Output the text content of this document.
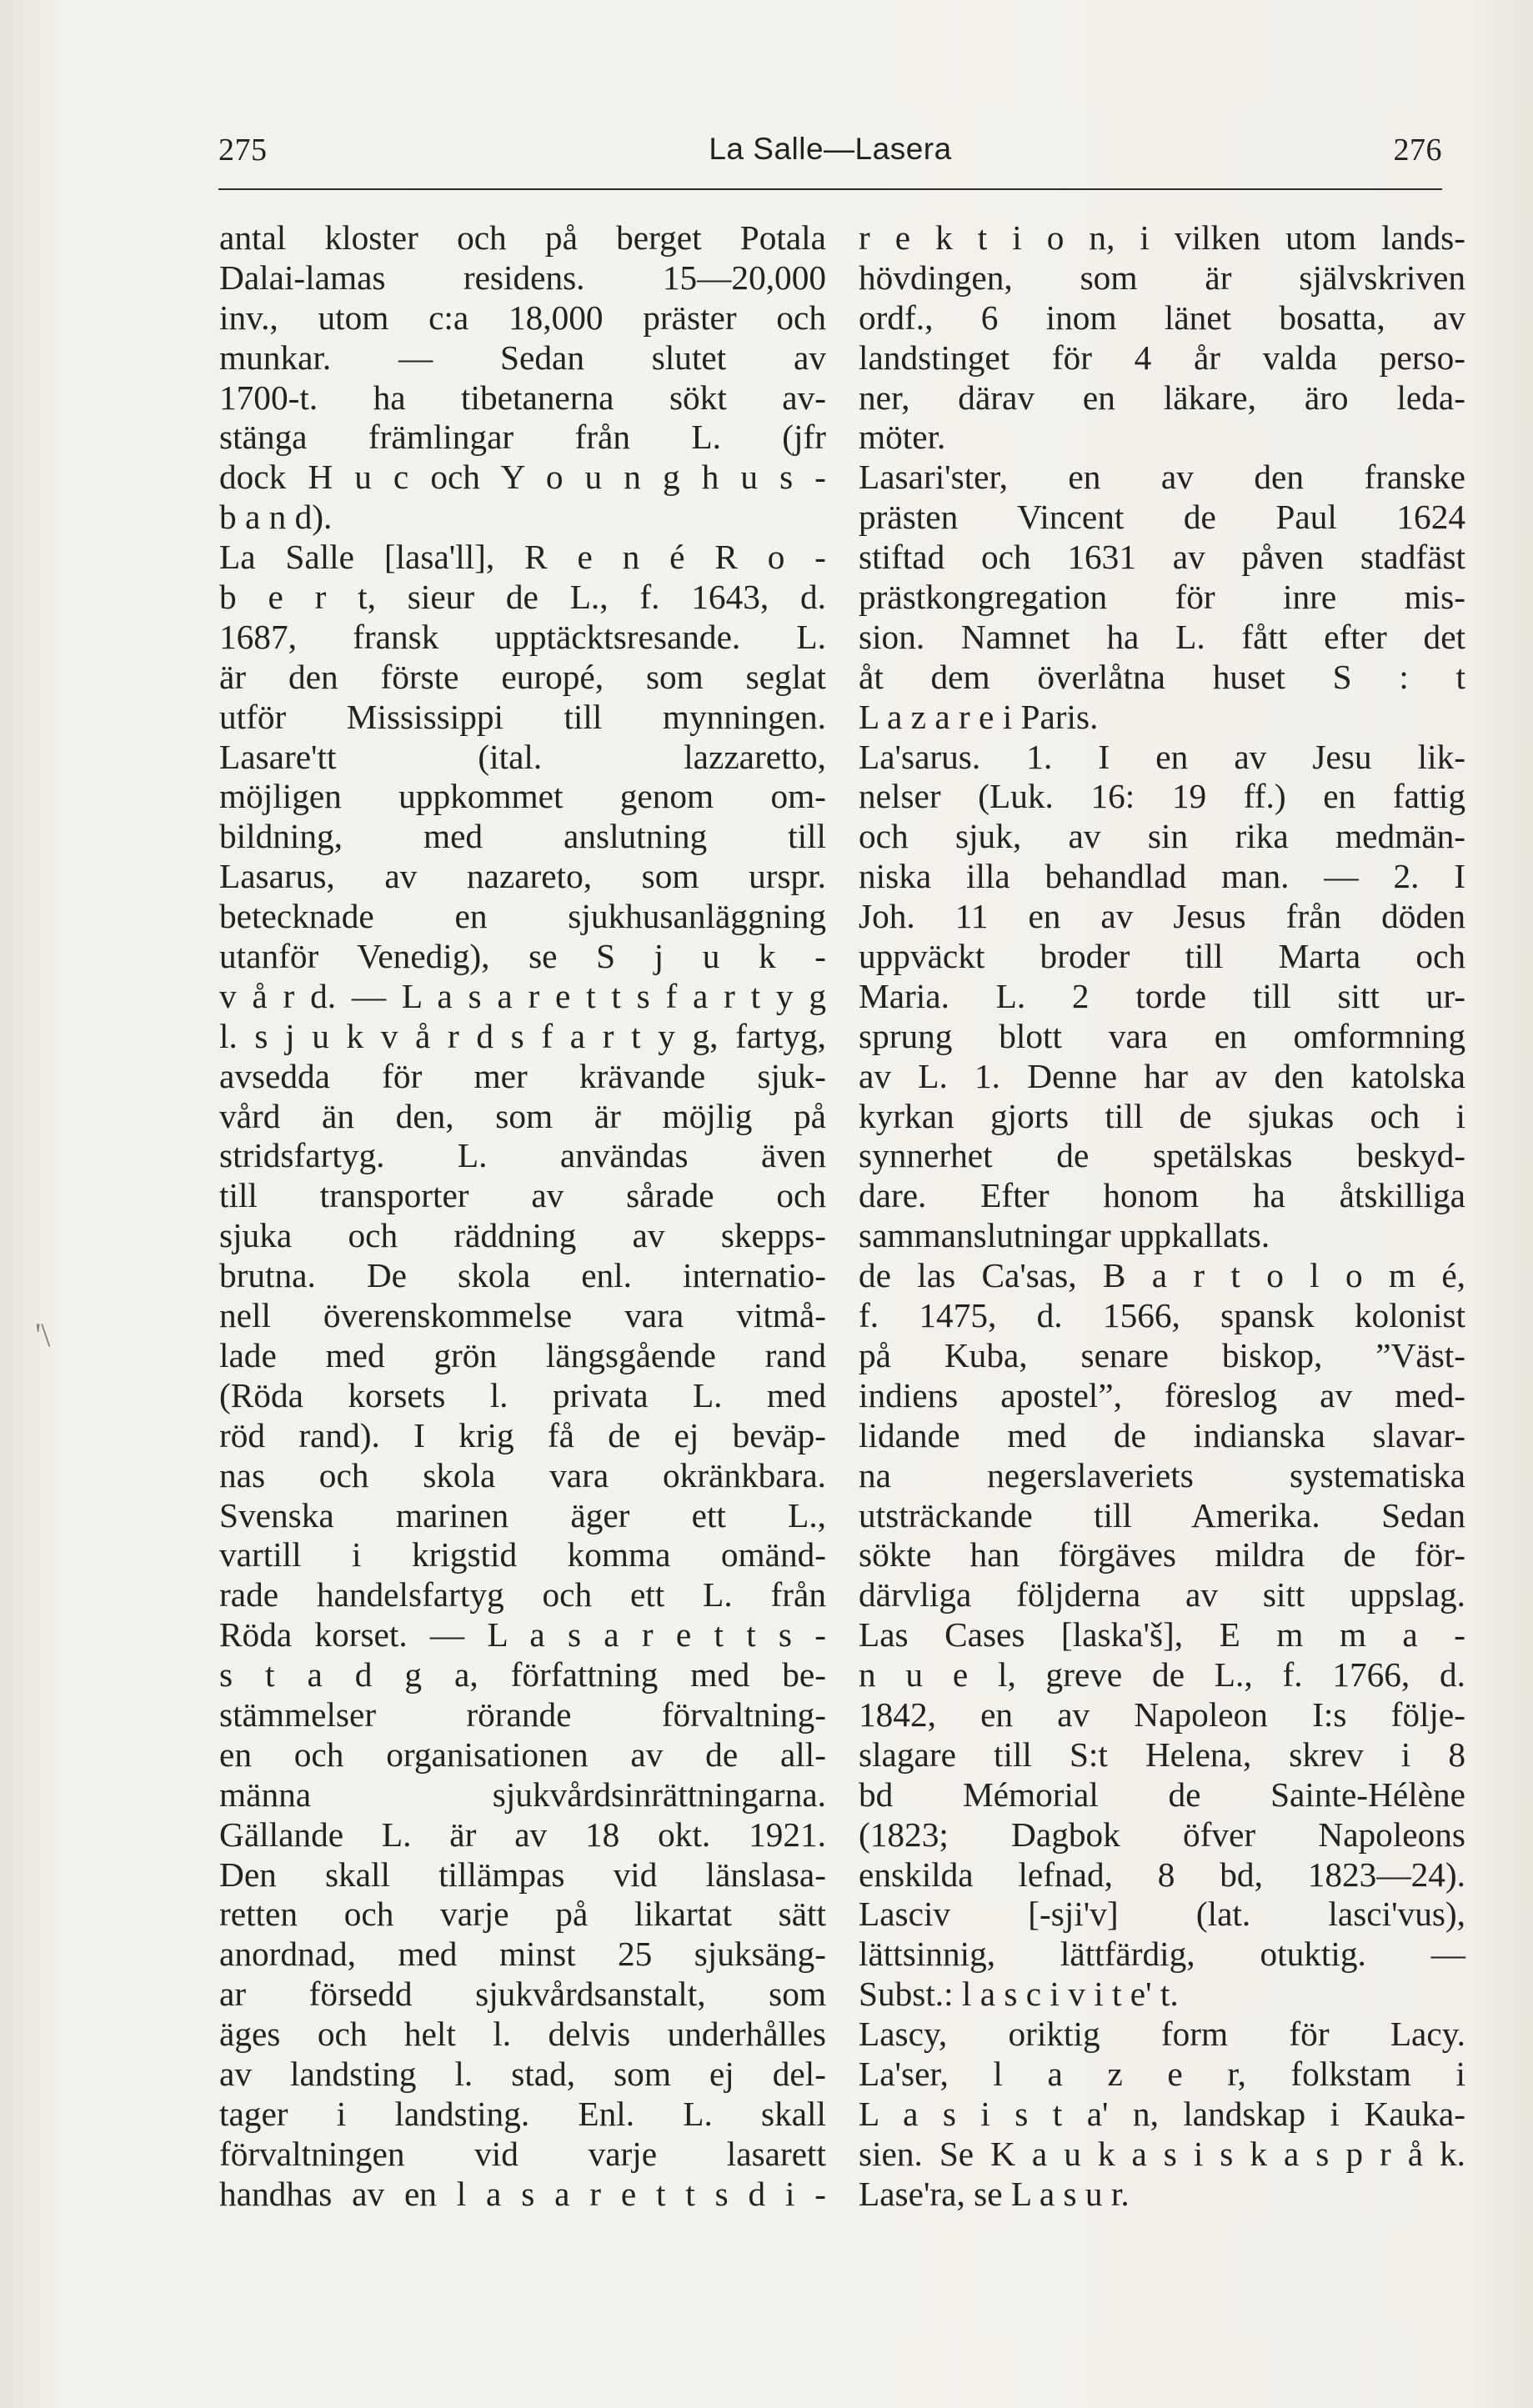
275	La Salle—Lasera	276
'\
antal kloster och på berget Potala
Dalai-lamas residens. 15—20,000
inv., utom c:a 18,000 präster och
munkar. — Sedan slutet av
1700-t. ha tibetanerna sökt av-
stänga främlingar från L. (jfr
dock H u c och Y o u n g h u s -
b a n d).
La Salle [lasa'll], R e n é R o -
b e r t, sieur de L., f. 1643, d.
1687, fransk upptäcktsresande. L.
är den förste europé, som seglat
utför Mississippi till mynningen.
Lasare'tt (ital. lazzaretto,
möjligen uppkommet genom om-
bildning, med anslutning till
Lasarus, av nazareto, som urspr.
betecknade en sjukhusanläggning
utanför Venedig), se S j u k -
v å r d. — L a s a r e t t s f a r t y g
l. s j u k v å r d s f a r t y g, fartyg,
avsedda för mer krävande sjuk-
vård än den, som är möjlig på
stridsfartyg. L. användas även
till transporter av sårade och
sjuka och räddning av skepps-
brutna. De skola enl. internatio-
nell överenskommelse vara vitmå-
lade med grön längsgående rand
(Röda korsets l. privata L. med
röd rand). I krig få de ej beväp-
nas och skola vara okränkbara.
Svenska marinen äger ett L.,
vartill i krigstid komma omänd-
rade handelsfartyg och ett L. från
Röda korset. — L a s a r e t t s -
s t a d g a, författning med be-
stämmelser rörande förvaltning-
en och organisationen av de all-
männa sjukvårdsinrättningarna.
Gällande L. är av 18 okt. 1921.
Den skall tillämpas vid länslasa-
retten och varje på likartat sätt
anordnad, med minst 25 sjuksäng-
ar försedd sjukvårdsanstalt, som
äges och helt l. delvis underhålles
av landsting l. stad, som ej del-
tager i landsting. Enl. L. skall
förvaltningen vid varje lasarett
handhas av en l a s a r e t t s d i -
r e k t i o n, i vilken utom lands-
hövdingen, som är självskriven
ordf., 6 inom länet bosatta, av
landstinget för 4 år valda perso-
ner, därav en läkare, äro leda-
möter.
Lasari'ster, en av den franske
prästen Vincent de Paul 1624
stiftad och 1631 av påven stadfäst
prästkongregation för inre mis-
sion. Namnet ha L. fått efter det
åt dem överlåtna huset S : t
L a z a r e i Paris.
La'sarus. 1. I en av Jesu lik-
nelser (Luk. 16: 19 ff.) en fattig
och sjuk, av sin rika medmän-
niska illa behandlad man. — 2. I
Joh. 11 en av Jesus från döden
uppväckt broder till Marta och
Maria. L. 2 torde till sitt ur-
sprung blott vara en omformning
av L. 1. Denne har av den katolska
kyrkan gjorts till de sjukas och i
synnerhet de spetälskas beskyd-
dare. Efter honom ha åtskilliga
sammanslutningar uppkallats.
de las Ca'sas, B a r t o l o m é,
f. 1475, d. 1566, spansk kolonist
på Kuba, senare biskop, ”Väst-
indiens apostel”, föreslog av med-
lidande med de indianska slavar-
na negerslaveriets systematiska
utsträckande till Amerika. Sedan
sökte han förgäves mildra de för-
därvliga följderna av sitt uppslag.
Las Cases [laska'š], E m m a -
n u e l, greve de L., f. 1766, d.
1842, en av Napoleon I:s följe-
slagare till S:t Helena, skrev i 8
bd Mémorial de Sainte-Hélène
(1823; Dagbok öfver Napoleons
enskilda lefnad, 8 bd, 1823—24).
Lasciv [-sji'v] (lat. lasci'vus),
lättsinnig, lättfärdig, otuktig. —
Subst.: l a s c i v i t e' t.
Lascy, oriktig form för Lacy.
La'ser, l a z e r, folkstam i
L a s i s t a' n, landskap i Kauka-
sien. Se K a u k a s i s k a s p r å k.
Lase'ra, se L a s u r.
